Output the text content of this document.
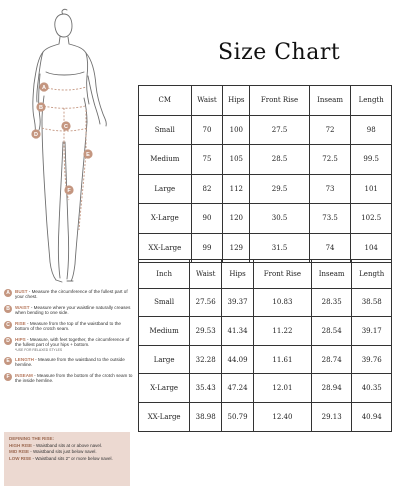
A
B
C
D
E
F
Size Chart
CM	Waist	Hips	Front Rise	Inseam	Length
Small	70	100	27.5	72	98
Medium	75	105	28.5	72.5	99.5
Large	82	112	29.5	73	101
X-Large	90	120	30.5	73.5	102.5
XX-Large	99	129	31.5	74	104
Inch	Waist	Hips	Front Rise	Inseam	Length
Small	27.56	39.37	10.83	28.35	38.58
Medium	29.53	41.34	11.22	28.54	39.17
Large	32.28	44.09	11.61	28.74	39.76
X-Large	35.43	47.24	12.01	28.94	40.35
XX-Large	38.98	50.79	12.40	29.13	40.94
A	BUST - Measure the circumference of the fullest part of your chest.
B	WAIST - Measure where your waistline naturally creases when bending to one side.
C	RISE - Measure from the top of the waistband to the bottom of the crotch seam.
D	HIPS - Measure, with feet together, the circumference of the fullest part of your hips + bottom.
*USE FOR RELAXED STYLES
E	LENGTH - Measure from the waistband to the outside hemline.
F	INSEAM - Measure from the bottom of the crotch seam to the inside hemline.
DEFINING THE RISE:
HIGH RISE - Waistband sits at or above navel.
MID RISE - Waistband sits just below navel.
LOW RISE - Waistband sits 2" or more below navel.
